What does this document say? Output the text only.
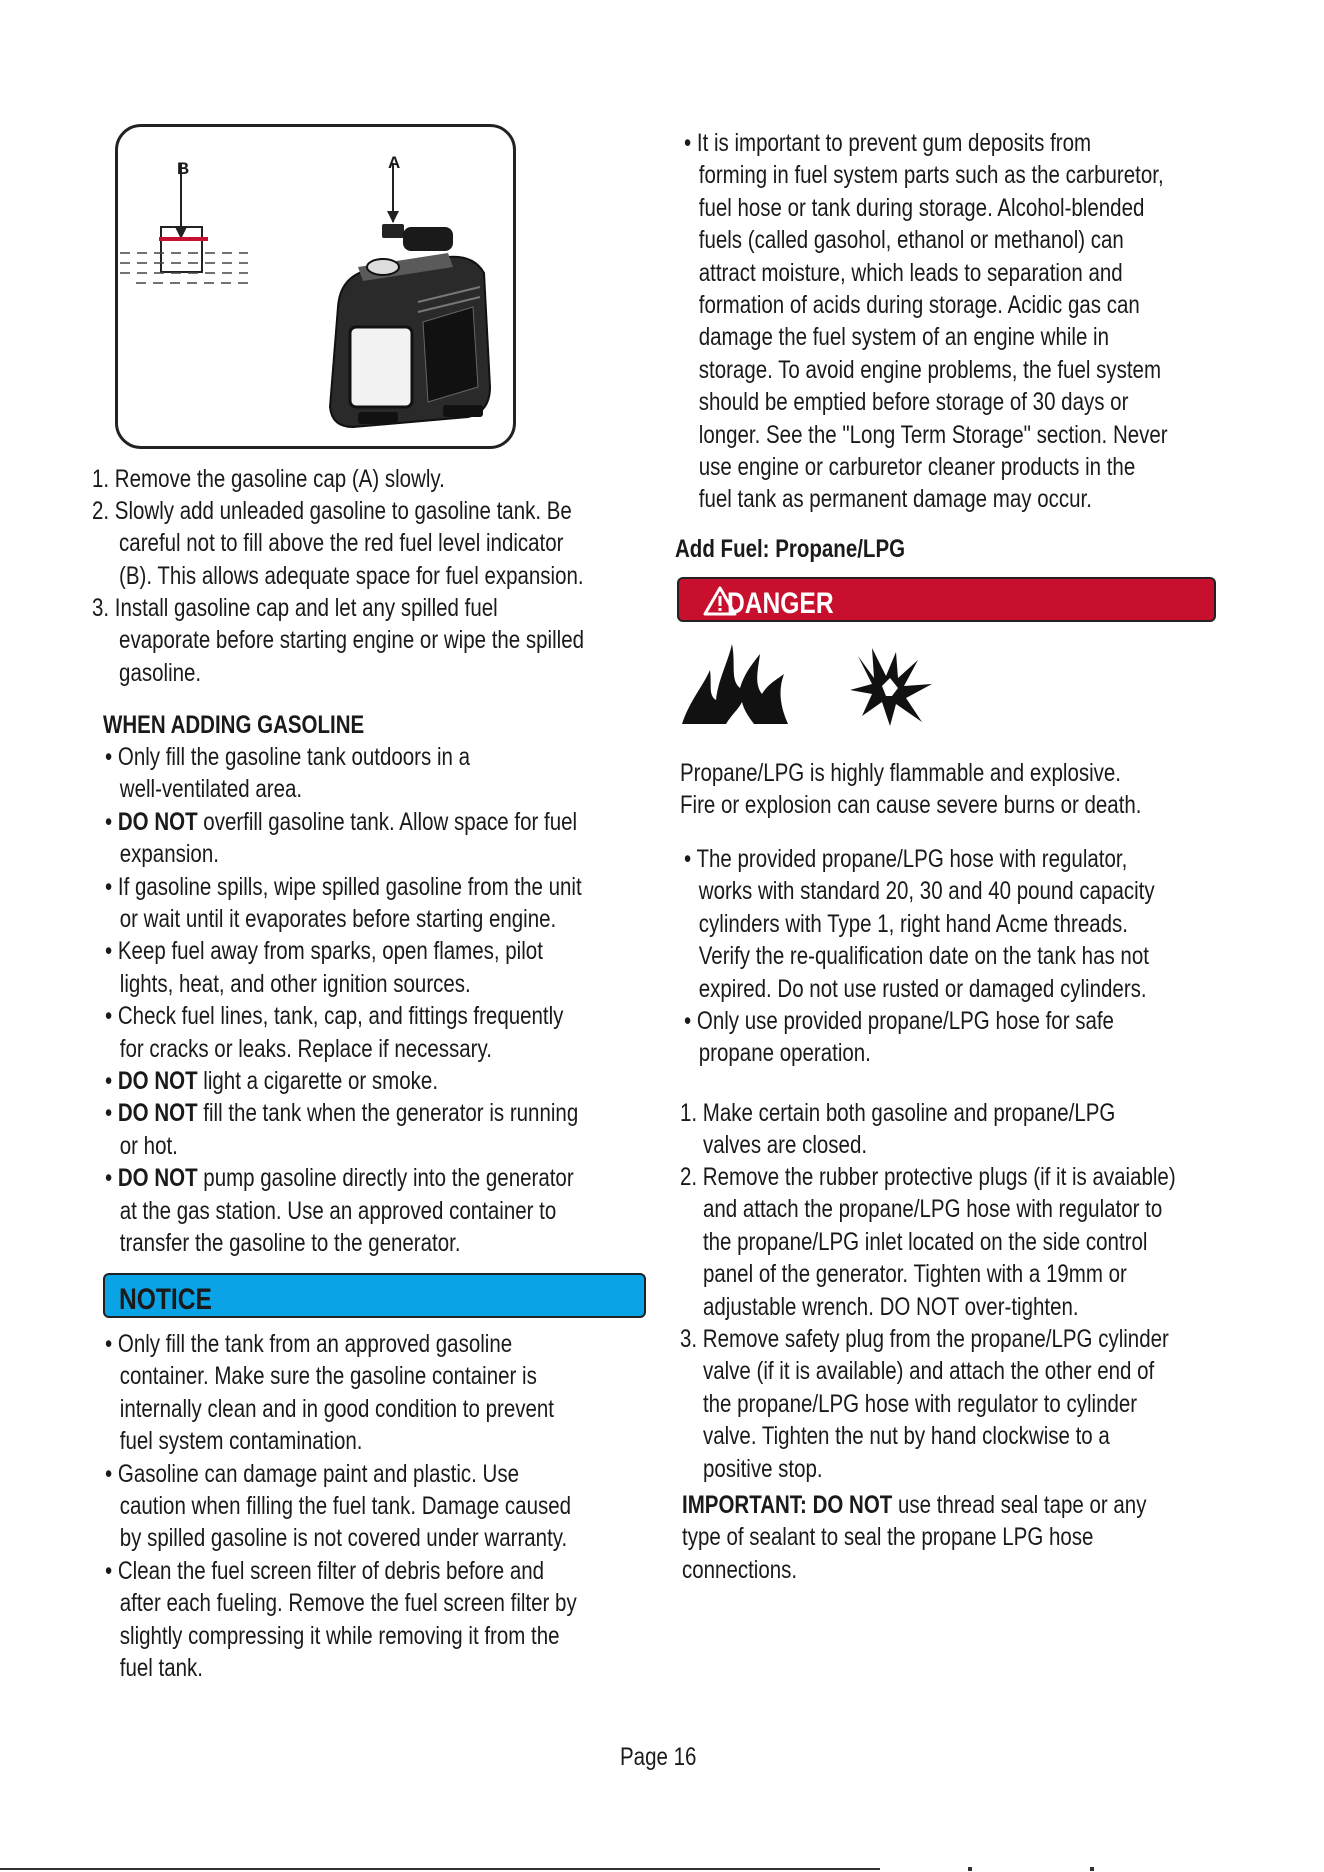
B	A
1. Remove the gasoline cap (A) slowly.
2. Slowly add unleaded gasoline to gasoline tank. Be
careful not to fill above the red fuel level indicator
(B). This allows adequate space for fuel expansion.
3. Install gasoline cap and let any spilled fuel
evaporate before starting engine or wipe the spilled
gasoline.
WHEN ADDING GASOLINE
• Only fill the gasoline tank outdoors in a
well-ventilated area.
• DO NOT overfill gasoline tank. Allow space for fuel
expansion.
• If gasoline spills, wipe spilled gasoline from the unit
or wait until it evaporates before starting engine.
• Keep fuel away from sparks, open flames, pilot
lights, heat, and other ignition sources.
• Check fuel lines, tank, cap, and fittings frequently
for cracks or leaks. Replace if necessary.
• DO NOT light a cigarette or smoke.
• DO NOT fill the tank when the generator is running
or hot.
• DO NOT pump gasoline directly into the generator
at the gas station. Use an approved container to
transfer the gasoline to the generator.
NOTICE
• Only fill the tank from an approved gasoline
container. Make sure the gasoline container is
internally clean and in good condition to prevent
fuel system contamination.
• Gasoline can damage paint and plastic. Use
caution when filling the fuel tank. Damage caused
by spilled gasoline is not covered under warranty.
• Clean the fuel screen filter of debris before and
after each fueling. Remove the fuel screen filter by
slightly compressing it while removing it from the
fuel tank.
• It is important to prevent gum deposits from
forming in fuel system parts such as the carburetor,
fuel hose or tank during storage. Alcohol-blended
fuels (called gasohol, ethanol or methanol) can
attract moisture, which leads to separation and
formation of acids during storage. Acidic gas can
damage the fuel system of an engine while in
storage. To avoid engine problems, the fuel system
should be emptied before storage of 30 days or
longer. See the "Long Term Storage" section. Never
use engine or carburetor cleaner products in the
fuel tank as permanent damage may occur.
Add Fuel: Propane/LPG
DANGER
Propane/LPG is highly flammable and explosive.
Fire or explosion can cause severe burns or death.
• The provided propane/LPG hose with regulator,
works with standard 20, 30 and 40 pound capacity
cylinders with Type 1, right hand Acme threads.
Verify the re-qualification date on the tank has not
expired. Do not use rusted or damaged cylinders.
• Only use provided propane/LPG hose for safe
propane operation.
1. Make certain both gasoline and propane/LPG
valves are closed.
2. Remove the rubber protective plugs (if it is avaiable)
and attach the propane/LPG hose with regulator to
the propane/LPG inlet located on the side control
panel of the generator. Tighten with a 19mm or
adjustable wrench. DO NOT over-tighten.
3. Remove safety plug from the propane/LPG cylinder
valve (if it is available) and attach the other end of
the propane/LPG hose with regulator to cylinder
valve. Tighten the nut by hand clockwise to a
positive stop.
IMPORTANT: DO NOT use thread seal tape or any
type of sealant to seal the propane LPG hose
connections.
Page 16
